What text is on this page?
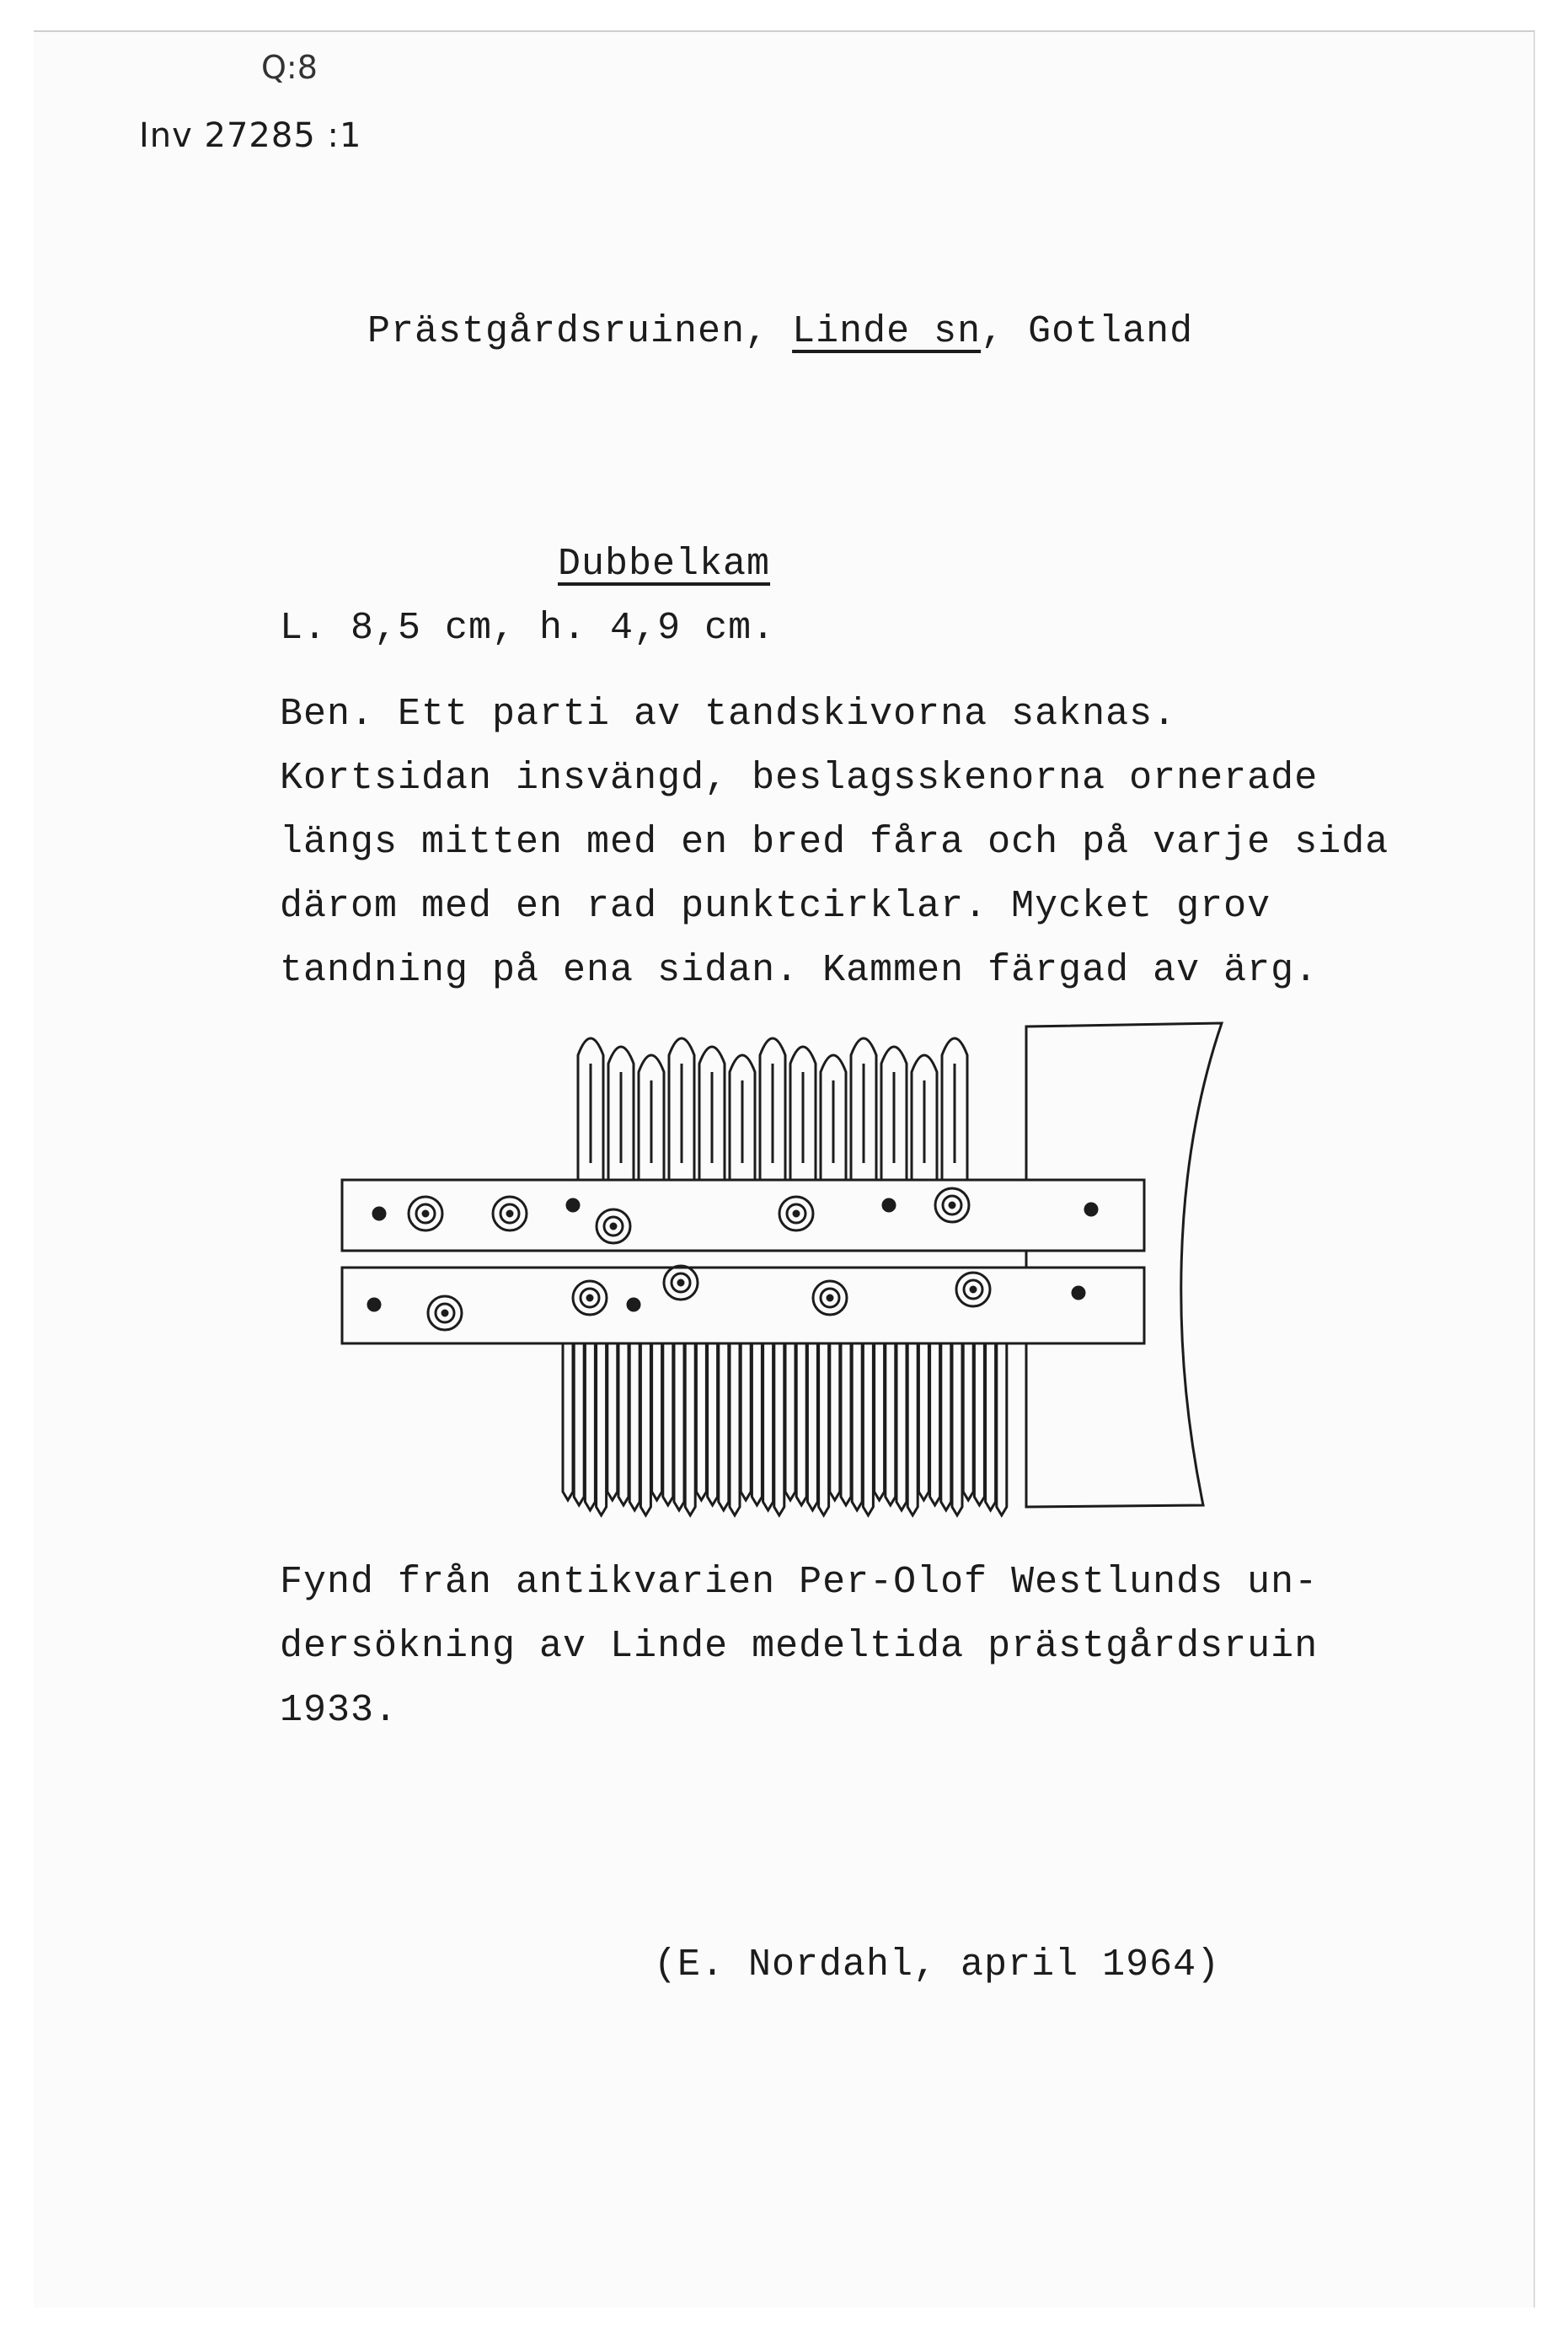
Q:8
Inv 27285 :1
Prästgårdsruinen, Linde sn, Gotland
Dubbelkam
L. 8,5 cm, h. 4,9 cm.
Ben. Ett parti av tandskivorna saknas.
Kortsidan insvängd, beslagsskenorna ornerade
längs mitten med en bred fåra och på varje sida
därom med en rad punktcirklar. Mycket grov
tandning på ena sidan. Kammen färgad av ärg.
Fynd från antikvarien Per-Olof Westlunds un-
dersökning av Linde medeltida prästgårdsruin
1933.
(E. Nordahl, april 1964)
